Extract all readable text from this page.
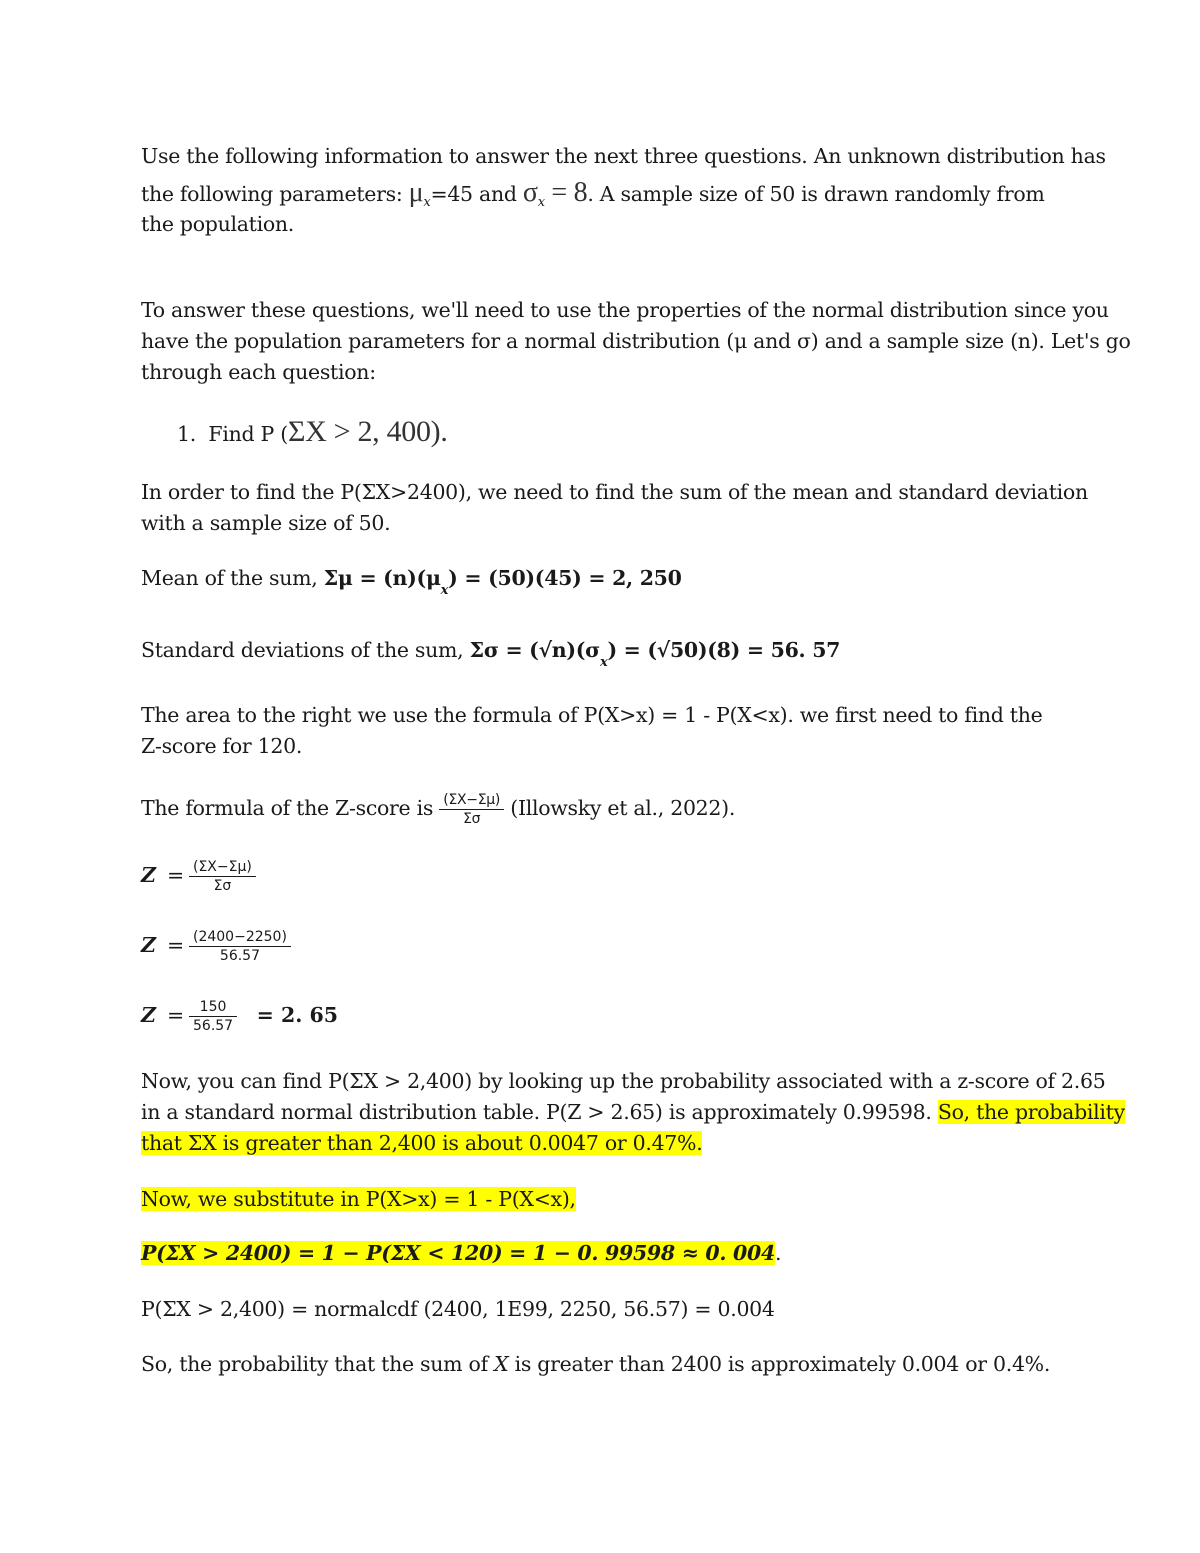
Use the following information to answer the next three questions. An unknown distribution has
the following parameters: $\mu_x=45$ and $\sigma_x = 8$. A sample size of 50 is drawn randomly from
the population.
To answer these questions, we'll need to use the properties of the normal distribution since you
have the population parameters for a normal distribution (μ and σ) and a sample size (n). Let's go
through each question:
1. Find P (ΣX > 2, 400).
In order to find the P(ΣX>2400), we need to find the sum of the mean and standard deviation
with a sample size of 50.
Mean of the sum, $\Sigma\mu = (n)(\mu_x) = (50)(45) = 2$, 250
Standard deviations of the sum, $\Sigma\sigma = (√n)(\sigma_x) = (√50)(8) = 56$. 57
The area to the right we use the formula of P(X>x) = 1 - P(X<x). we first need to find the
Z-score for 120.
The formula of the Z-score is $\frac{(\Sigma X-\Sigma\mu)}{\Sigma\sigma}$ (Illowsky et al., 2022).
$Z = \frac{(\Sigma X-\Sigma\mu)}{\Sigma\sigma}$
$Z = \frac{(2400-2250)}{56.57}$
$Z = \frac{150}{56.57} = 2$. 65
Now, you can find P(ΣX > 2,400) by looking up the probability associated with a z-score of 2.65
in a standard normal distribution table. P(Z > 2.65) is approximately 0.99598. So, the probability
that ΣX is greater than 2,400 is about 0.0047 or 0.47%.
Now, we substitute in P(X>x) = 1 - P(X<x),
P(ΣX > 2400) = 1 − P(ΣX < 120) = 1 − 0. 99598 ≈ 0. 004.
P(ΣX > 2,400) = normalcdf (2400, 1E99, 2250, 56.57) = 0.004
So, the probability that the sum of X is greater than 2400 is approximately 0.004 or 0.4%.
